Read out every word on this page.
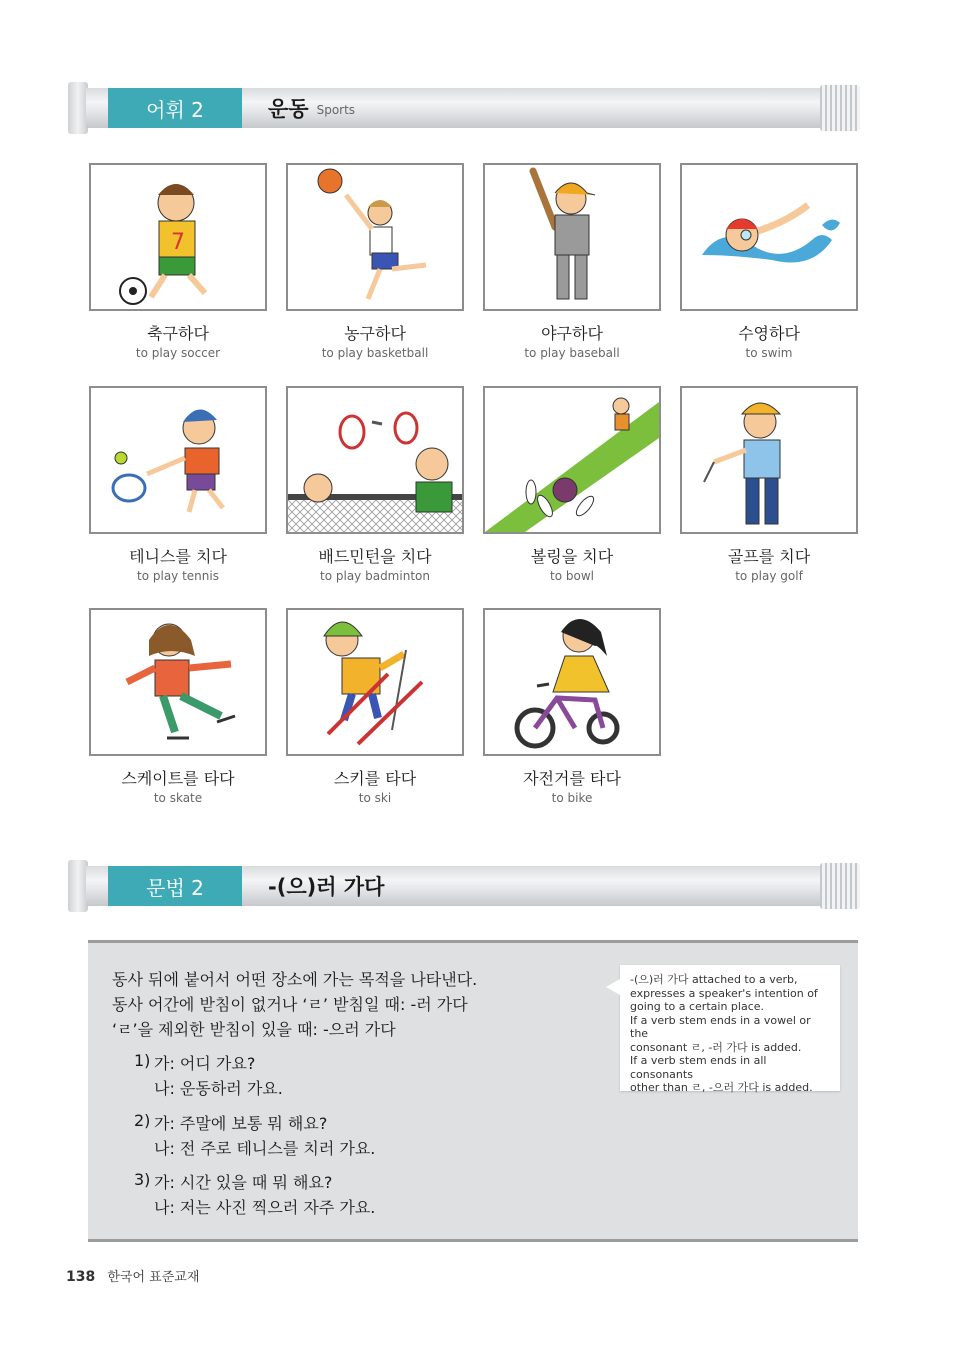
어휘 2	운동 Sports
7
축구하다
to play soccer
농구하다
to play basketball
야구하다
to play baseball
수영하다
to swim
테니스를 치다
to play tennis
배드민턴을 치다
to play badminton
볼링을 치다
to bowl
골프를 치다
to play golf
스케이트를 타다
to skate
스키를 타다
to ski
자전거를 타다
to bike
문법 2	-(으)러 가다
동사 뒤에 붙어서 어떤 장소에 가는 목적을 나타낸다.
동사 어간에 받침이 없거나 ‘ㄹ’ 받침일 때: -러 가다
‘ㄹ’을 제외한 받침이 있을 때: -으러 가다
1) 가: 어디 가요?
나: 운동하러 가요.
2) 가: 주말에 보통 뭐 해요?
나: 전 주로 테니스를 치러 가요.
3) 가: 시간 있을 때 뭐 해요?
나: 저는 사진 찍으러 자주 가요.
-(으)러 가다 attached to a verb,
expresses a speaker's intention of
going to a certain place.
If a verb stem ends in a vowel or the
consonant ㄹ, -러 가다 is added.
If a verb stem ends in all consonants
other than ㄹ, -으러 가다 is added.
138 한국어 표준교재
